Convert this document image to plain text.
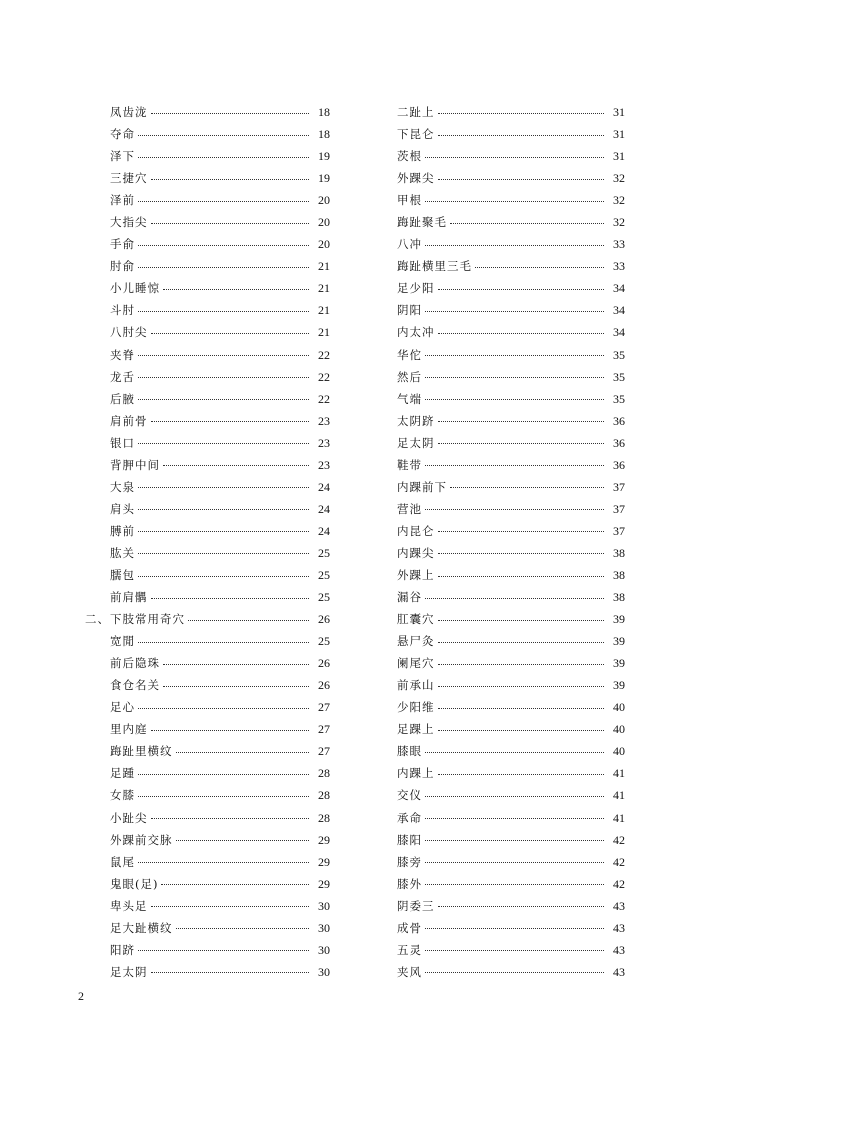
凤齿泷	18
夺命	18
泽下	19
三捷穴	19
泽前	20
大指尖	20
手俞	20
肘俞	21
小儿睡惊	21
斗肘	21
八肘尖	21
夹脊	22
龙舌	22
后腋	22
肩前骨	23
银口	23
背胛中间	23
大泉	24
肩头	24
膊前	24
肱关	25
臑包	25
前肩髃	25
二、下肢常用奇穴	26
宽閒	25
前后隐珠	26
食仓名关	26
足心	27
里内庭	27
踇趾里横纹	27
足踵	28
女膝	28
小趾尖	28
外踝前交脉	29
鼠尾	29
鬼眼(足)	29
卑头足	30
足大趾横纹	30
阳跻	30
足太阴	30
二趾上	31
下昆仑	31
茨根	31
外踝尖	32
甲根	32
踇趾聚毛	32
八冲	33
踇趾横里三毛	33
足少阳	34
阴阳	34
内太冲	34
华佗	35
然后	35
气端	35
太阴跻	36
足太阴	36
鞋带	36
内踝前下	37
营池	37
内昆仑	37
内踝尖	38
外踝上	38
漏谷	38
肛囊穴	39
悬尸灸	39
阑尾穴	39
前承山	39
少阳维	40
足踝上	40
膝眼	40
内踝上	41
交仪	41
承命	41
膝阳	42
膝旁	42
膝外	42
阴委三	43
成骨	43
五灵	43
夹风	43
2
